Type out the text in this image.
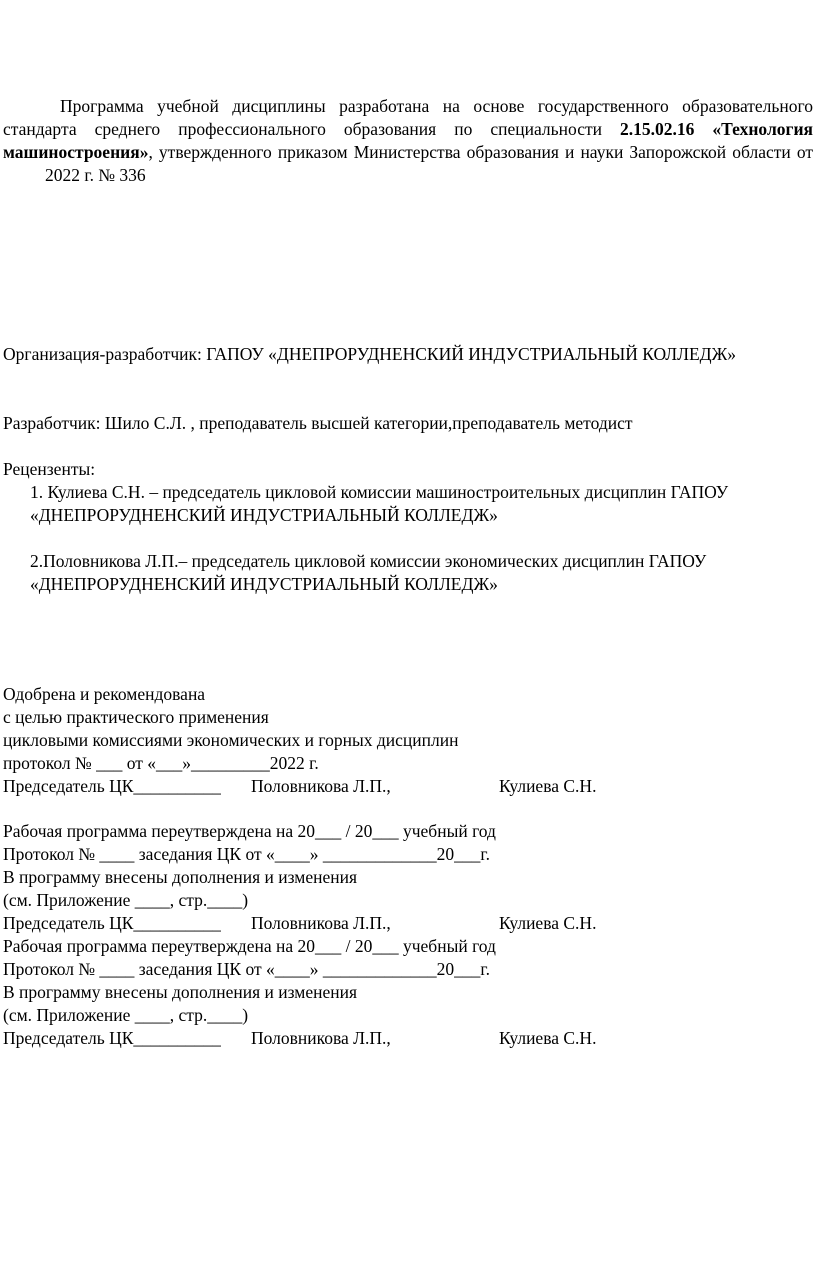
Программа учебной дисциплины разработана на основе государственного образовательного стандарта среднего профессионального образования по специальности 2.15.02.16 «Технология машиностроения», утвержденного приказом Министерства образования и науки Запорожской области от2022 г. № 336

Организация-разработчик: ГАПОУ «ДНЕПРОРУДНЕНСКИЙ ИНДУСТРИАЛЬНЫЙ КОЛЛЕДЖ»

Разработчик: Шило С.Л. , преподаватель высшей категории,преподаватель методист

Рецензенты:

1. Кулиева С.Н. – председатель цикловой комиссии машиностроительных дисциплин ГАПОУ «ДНЕПРОРУДНЕНСКИЙ ИНДУСТРИАЛЬНЫЙ КОЛЛЕДЖ»

2.Половникова Л.П.– председатель цикловой комиссии экономических дисциплин ГАПОУ «ДНЕПРОРУДНЕНСКИЙ ИНДУСТРИАЛЬНЫЙ КОЛЛЕДЖ»

Одобрена и рекомендована

с целью практического применения

цикловыми комиссиями экономических и горных дисциплин

протокол № ___ от «___»_________2022 г.

Председатель ЦК__________ Половникова Л.П.,	Кулиева С.Н.

Рабочая программа переутверждена на 20___ / 20___ учебный год

Протокол № ____ заседания ЦК от «____» _____________20___г.

В программу внесены дополнения и изменения

(см. Приложение ____, стр.____)

Председатель ЦК__________ Половникова Л.П.,	Кулиева С.Н.

Рабочая программа переутверждена на 20___ / 20___ учебный год

Протокол № ____ заседания ЦК от «____» _____________20___г.

В программу внесены дополнения и изменения

(см. Приложение ____, стр.____)

Председатель ЦК__________ Половникова Л.П.,	Кулиева С.Н.
